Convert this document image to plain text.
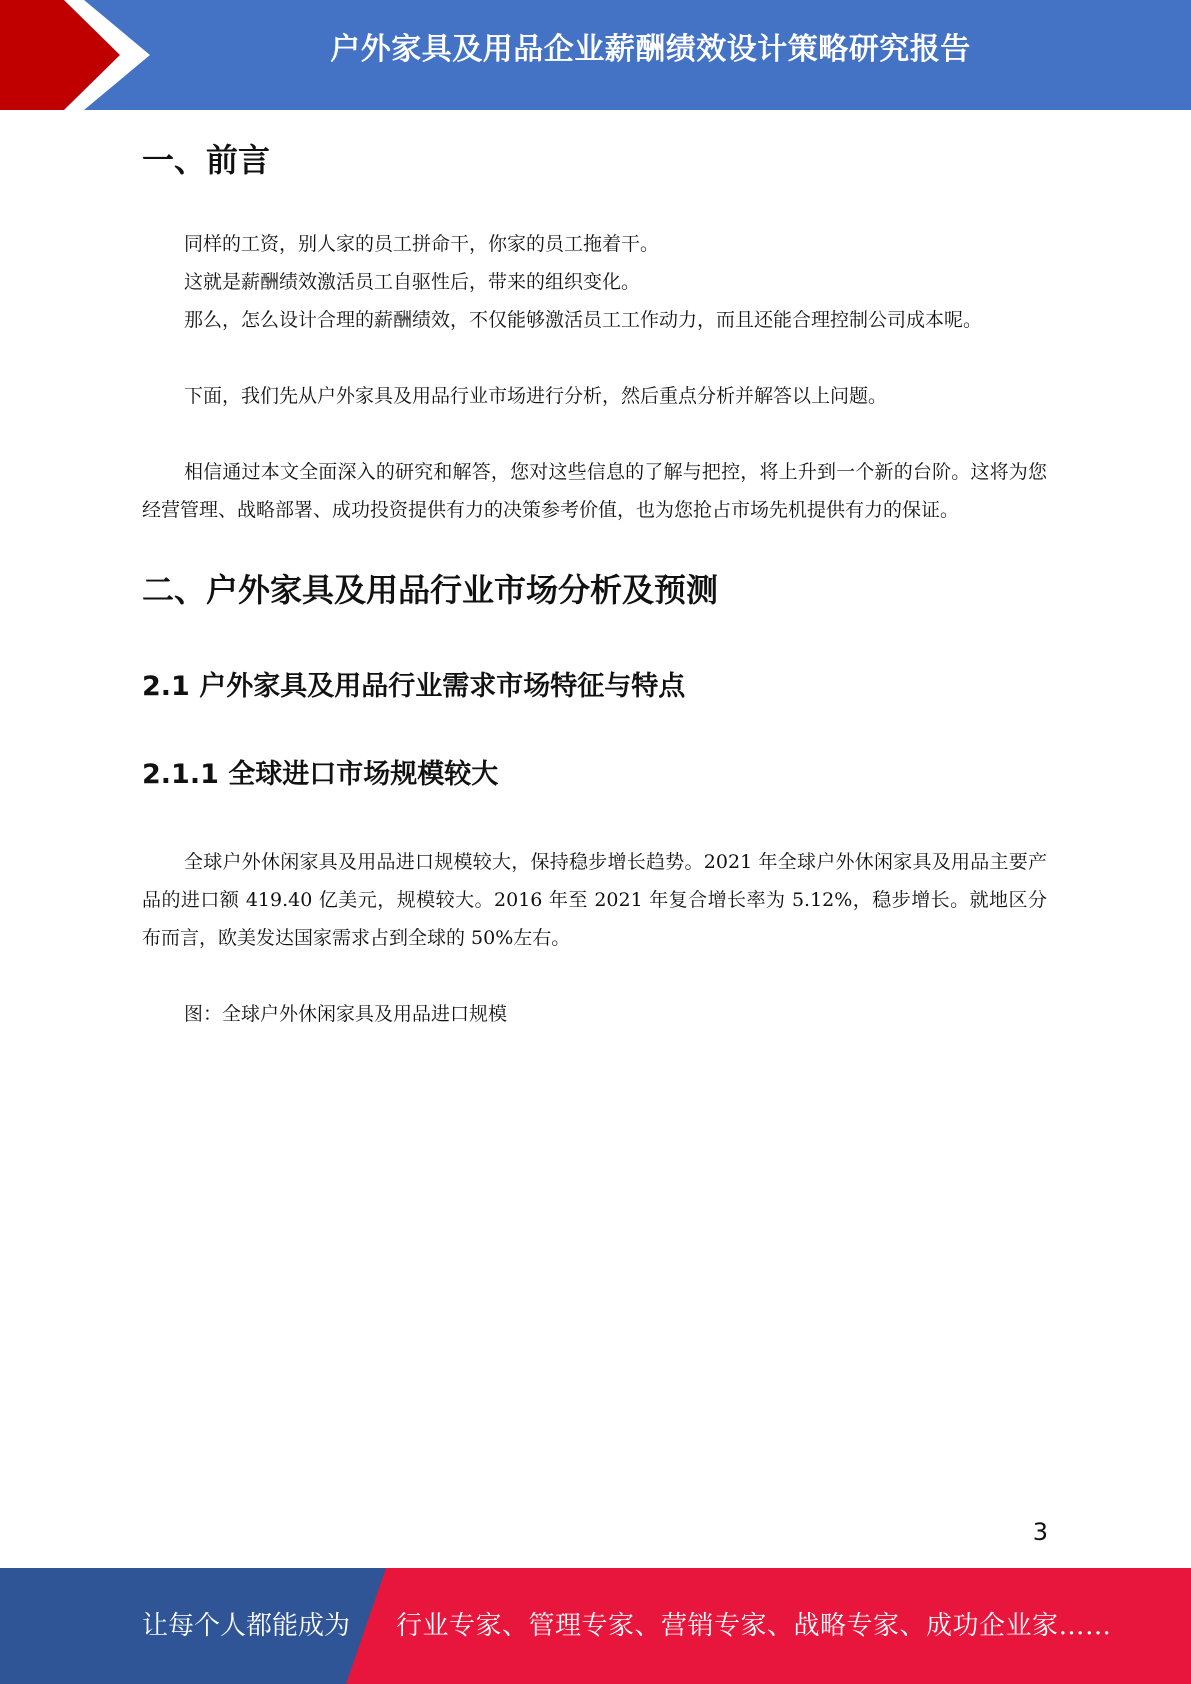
户外家具及用品企业薪酬绩效设计策略研究报告
一、前言
同样的工资，别人家的员工拼命干，你家的员工拖着干。
这就是薪酬绩效激活员工自驱性后，带来的组织变化。
那么，怎么设计合理的薪酬绩效，不仅能够激活员工工作动力，而且还能合理控制公司成本呢。
下面，我们先从户外家具及用品行业市场进行分析，然后重点分析并解答以上问题。
相信通过本文全面深入的研究和解答，您对这些信息的了解与把控，将上升到一个新的台阶。这将为您经营管理、战略部署、成功投资提供有力的决策参考价值，也为您抢占市场先机提供有力的保证。
二、户外家具及用品行业市场分析及预测
2.1 户外家具及用品行业需求市场特征与特点
2.1.1 全球进口市场规模较大
全球户外休闲家具及用品进口规模较大，保持稳步增长趋势。2021 年全球户外休闲家具及用品主要产品的进口额 419.40 亿美元，规模较大。2016 年至 2021 年复合增长率为 5.12%，稳步增长。就地区分布而言，欧美发达国家需求占到全球的 50%左右。
图：全球户外休闲家具及用品进口规模
3
让每个人都能成为 行业专家、管理专家、营销专家、战略专家、成功企业家……
